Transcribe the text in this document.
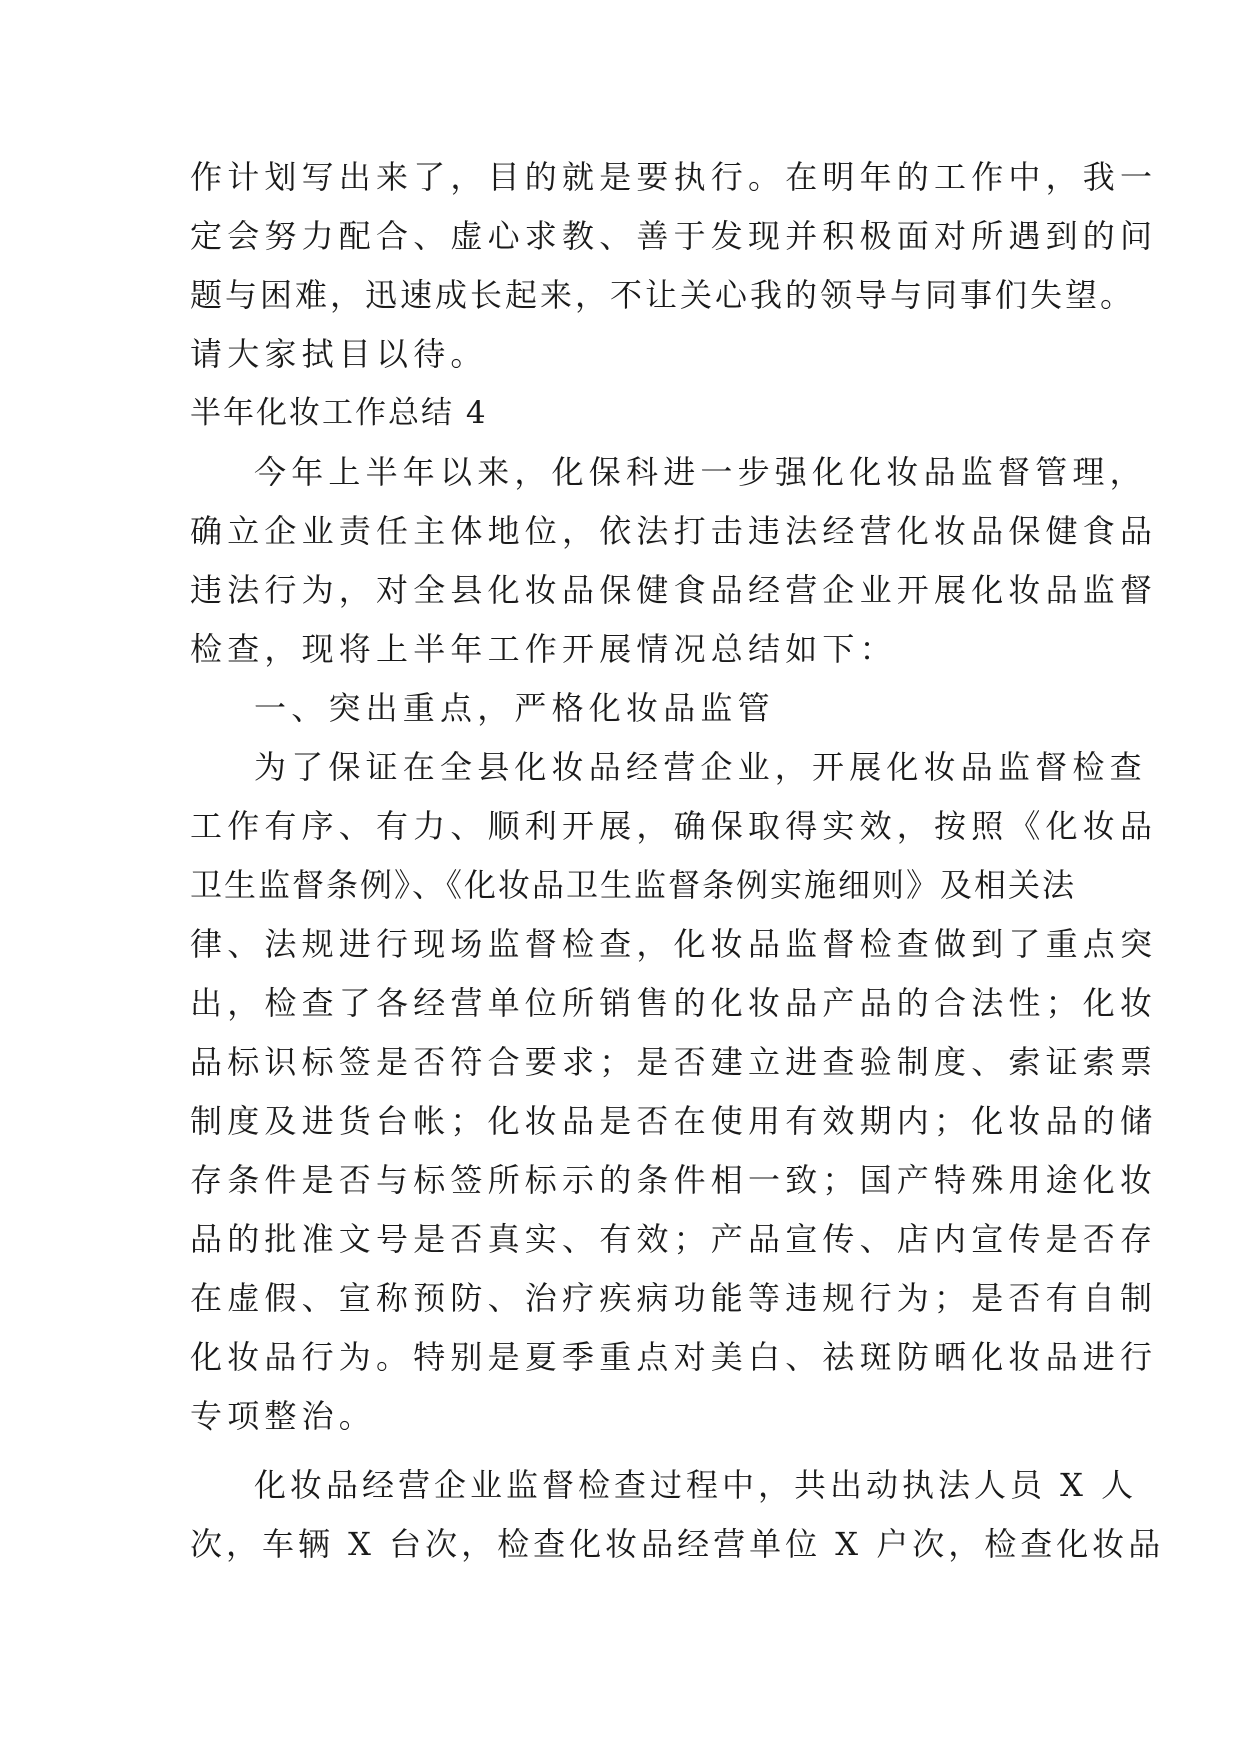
作计划写出来了，目的就是要执行。在明年的工作中，我一
定会努力配合、虚心求教、善于发现并积极面对所遇到的问
题与困难，迅速成长起来，不让关心我的领导与同事们失望。
请大家拭目以待。
半年化妆工作总结 4
今年上半年以来，化保科进一步强化化妆品监督管理，
确立企业责任主体地位，依法打击违法经营化妆品保健食品
违法行为，对全县化妆品保健食品经营企业开展化妆品监督
检查，现将上半年工作开展情况总结如下：
一、突出重点，严格化妆品监管
为了保证在全县化妆品经营企业，开展化妆品监督检查
工作有序、有力、顺利开展，确保取得实效，按照《化妆品
卫生监督条例》、《化妆品卫生监督条例实施细则》及相关法
律、法规进行现场监督检查，化妆品监督检查做到了重点突
出，检查了各经营单位所销售的化妆品产品的合法性；化妆
品标识标签是否符合要求；是否建立进查验制度、索证索票
制度及进货台帐；化妆品是否在使用有效期内；化妆品的储
存条件是否与标签所标示的条件相一致；国产特殊用途化妆
品的批准文号是否真实、有效；产品宣传、店内宣传是否存
在虚假、宣称预防、治疗疾病功能等违规行为；是否有自制
化妆品行为。特别是夏季重点对美白、祛斑防晒化妆品进行
专项整治。
化妆品经营企业监督检查过程中，共出动执法人员 X 人
次，车辆 X 台次，检查化妆品经营单位 X 户次，检查化妆品
